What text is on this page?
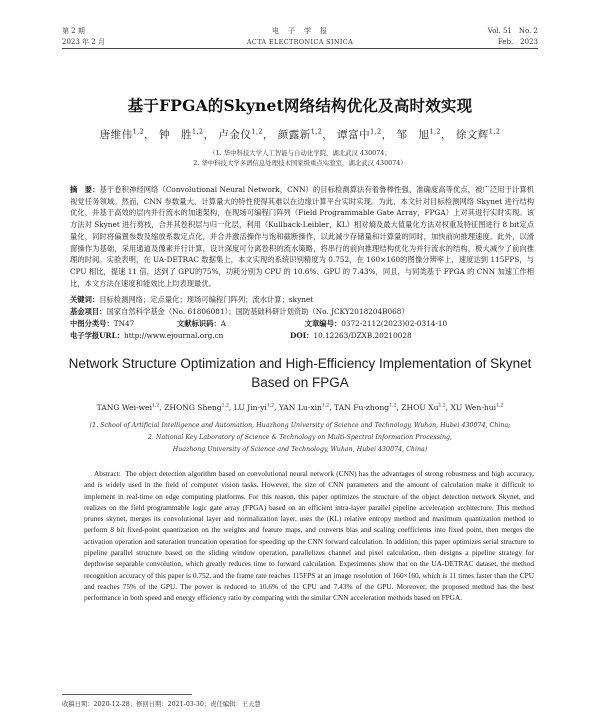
第 2 期
2023 年 2 月
电　子　学　报
ACTA ELECTRONICA SINICA
Vol. 51　No. 2
Feb.　2023
基于FPGA的Skynet网络结构优化及高时效实现
唐维伟$^{1,2}$， 钟　胜$^{1,2}$， 卢金仪$^{1,2}$， 颜露新$^{1,2}$， 谭富中$^{1,2}$， 邹　旭$^{1,2}$， 徐文辉$^{1,2}$
（1. 华中科技大学人工智能与自动化学院，湖北武汉 430074；
2. 华中科技大学多谱信息处理技术国家级重点实验室，湖北武汉 430074）
摘　要：基于卷积神经网络（Convolutional Neural Network，CNN）的目标检测算法有着鲁棒性强、准确度高等优点，被广泛用于计算机视觉任务领域。然而，CNN 参数量大、计算量大的特性使得其难以在边缘计算平台实时实现。为此，本文针对目标检测网络 Skynet 进行结构优化，并基于高效的层内并行流水的加速架构，在现场可编程门阵列（Field Programmable Gate Array，FPGA）上对其进行实时实现。该方法对 Skynet 进行剪枝，合并其卷积层与归一化层，利用（Kullback-Leibler，KL）相对熵及最大值量化方法对权重及特征图进行 8 bit定点量化，同时将偏置参数及缩放系数定点化，并合并激活操作与饱和截断操作，以此减少存储量和计算量的同时，加快前向推理速度。此外，以滑窗操作为基础，采用通道及像素并行计算，设计深度可分离卷积的流水策略，将串行的前向推理结构优化为并行流水的结构，极大减少了前向推理的时间。实验表明，在 UA-DETRAC 数据集上，本文实现的系统识别精度为 0.752，在 160×160的图像分辨率上，速度达到 115FPS，与 CPU 相比，提速 11 倍，达到了 GPU的75%，功耗分别为 CPU 的 10.6%、GPU 的 7.43%，同且，与同类基于 FPGA 的 CNN 加速工作相比，本文方法在速度和能效比上均表现最优。
关键词：目标检测网络；定点量化；现场可编程门阵列；流水计算；skynet
基金项目：国家自然科学基金（No. 61806081）；国防基础科研计划资助（No. JCKY2018204B068）
中图分类号：TN47	文献标识码：A	文章编号：0372-2112(2023)02-0314-10
电子学报URL：http://www.ejournal.org.cn	DOI：10.12263/DZXB.20210028
Network Structure Optimization and High-Efficiency Implementation of Skynet Based on FPGA
TANG Wei-wei$^{1,2}$, ZHONG Sheng$^{1,2}$, LU Jin-yi$^{1,2}$, YAN Lu-xin$^{1,2}$, TAN Fu-zhong$^{1,2}$, ZHOU Xu$^{1,2}$, XU Wen-hui$^{1,2}$
(1. School of Artificial Intelligence and Automation, Huazhong University of Science and Technology, Wuhan, Hubei 430074, China;
2. National Key Laboratory of Science & Technology on Multi-Spectral Information Processing,
Huazhong University of Science and Technology, Wuhan, Hubei 430074, China)
Abstract: The object detection algorithm based on convolutional neural network (CNN) has the advantages of strong robustness and high accuracy, and is widely used in the field of computer vision tasks. However, the size of CNN parameters and the amount of calculation make it difficult to implement in real-time on edge computing platforms. For this reason, this paper optimizes the structure of the object detection network Skynet, and realizes on the field programmable logic gate array (FPGA) based on an efficient intra-layer parallel pipeline acceleration architecture. This method prunes skynet, merges its convolutional layer and normalization layer, uses the (KL) relative entropy method and maximum quantization method to perform 8 bit fixed-point quantization on the weights and feature maps, and converts bias and scaling coefficients into fixed point, then merges the activation operation and saturation truncation operation for speeding up the CNN forward calculation. In addition, this paper optimizes serial structure to pipeline parallel structure based on the sliding window operation, parallelizes channel and pixel calculation, then designs a pipeline strategy for depthwise separable convolution, which greatly reduces time to forward calculation. Experiments show that on the UA-DETRAC dataset, the method recognition accuracy of this paper is 0.752, and the frame rate reaches 115FPS at an image resolution of 160×160, which is 11 times faster than the CPU and reaches 75% of the GPU. The power is reduced to 10.6% of the CPU and 7.43% of the GPU. Moreover, the proposed method has the best performance in both speed and energy efficiency ratio by comparing with the similar CNN acceleration methods based on FPGA.
收稿日期：2020-12-28；修回日期：2021-03-30；责任编辑：王天慧
